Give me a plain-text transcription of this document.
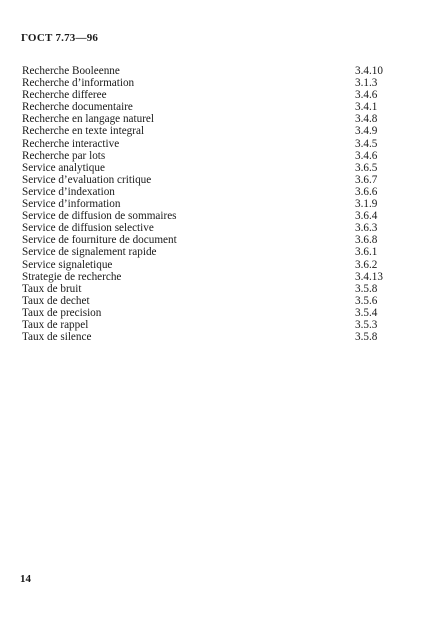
ГОСТ 7.73—96
Recherche Booleenne	3.4.10
Recherche d’information	3.1.3
Recherche differee	3.4.6
Recherche documentaire	3.4.1
Recherche en langage naturel	3.4.8
Recherche en texte integral	3.4.9
Recherche interactive	3.4.5
Recherche par lots	3.4.6
Service analytique	3.6.5
Service d’evaluation critique	3.6.7
Service d’indexation	3.6.6
Service d’information	3.1.9
Service de diffusion de sommaires	3.6.4
Service de diffusion selective	3.6.3
Service de fourniture de document	3.6.8
Service de signalement rapide	3.6.1
Service signaletique	3.6.2
Strategie de recherche	3.4.13
Taux de bruit	3.5.8
Taux de dechet	3.5.6
Taux de precision	3.5.4
Taux de rappel	3.5.3
Taux de silence	3.5.8
14
